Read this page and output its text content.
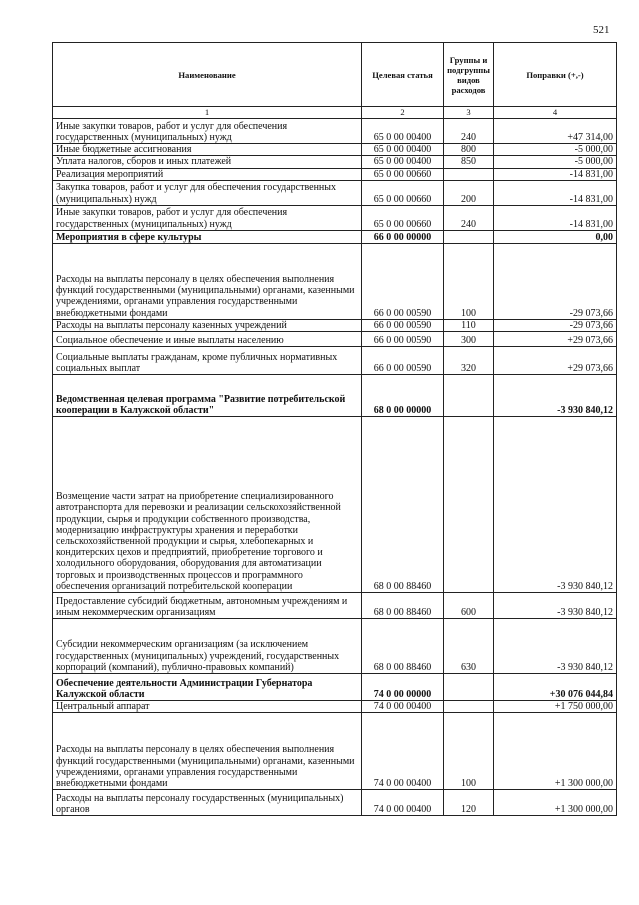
521
Наименование	Целевая статья	Группы и подгруппы видов расходов	Поправки (+,-)
1	2	3	4
Иные закупки товаров, работ и услуг для обеспечения государственных (муниципальных) нужд	65 0 00 00400	240	+47 314,00
Иные бюджетные ассигнования	65 0 00 00400	800	-5 000,00
Уплата налогов, сборов и иных платежей	65 0 00 00400	850	-5 000,00
Реализация мероприятий	65 0 00 00660		-14 831,00
Закупка товаров, работ и услуг для обеспечения государственных (муниципальных) нужд	65 0 00 00660	200	-14 831,00
Иные закупки товаров, работ и услуг для обеспечения государственных (муниципальных) нужд	65 0 00 00660	240	-14 831,00
Мероприятия в сфере культуры	66 0 00 00000		0,00
Расходы на выплаты персоналу в целях обеспечения выполнения функций государственными (муниципальными) органами, казенными учреждениями, органами управления государственными внебюджетными фондами	66 0 00 00590	100	-29 073,66
Расходы на выплаты персоналу казенных учреждений	66 0 00 00590	110	-29 073,66
Социальное обеспечение и иные выплаты населению	66 0 00 00590	300	+29 073,66
Социальные выплаты гражданам, кроме публичных нормативных социальных выплат	66 0 00 00590	320	+29 073,66
Ведомственная целевая программа "Развитие потребительской кооперации в Калужской области"	68 0 00 00000		-3 930 840,12
Возмещение части затрат на приобретение специализированного автотранспорта для перевозки и реализации сельскохозяйственной продукции, сырья и продукции собственного производства, модернизацию инфраструктуры хранения и переработки сельскохозяйственной продукции и сырья, хлебопекарных и кондитерских цехов и предприятий, приобретение торгового и холодильного оборудования, оборудования для автоматизации торговых и производственных процессов и программного обеспечения организаций потребительской кооперации	68 0 00 88460		-3 930 840,12
Предоставление субсидий бюджетным, автономным учреждениям и иным некоммерческим организациям	68 0 00 88460	600	-3 930 840,12
Субсидии некоммерческим организациям (за исключением государственных (муниципальных) учреждений, государственных корпораций (компаний), публично-правовых компаний)	68 0 00 88460	630	-3 930 840,12
Обеспечение деятельности Администрации Губернатора Калужской области	74 0 00 00000		+30 076 044,84
Центральный аппарат	74 0 00 00400		+1 750 000,00
Расходы на выплаты персоналу в целях обеспечения выполнения функций государственными (муниципальными) органами, казенными учреждениями, органами управления государственными внебюджетными фондами	74 0 00 00400	100	+1 300 000,00
Расходы на выплаты персоналу государственных (муниципальных) органов	74 0 00 00400	120	+1 300 000,00
